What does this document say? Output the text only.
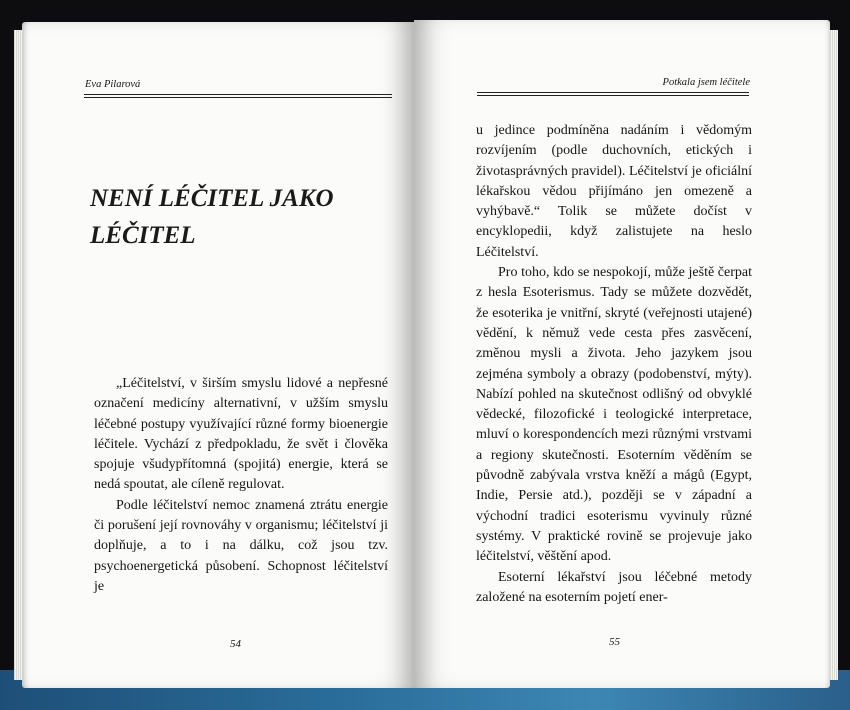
Eva Pilarová
NENÍ LÉČITEL JAKO LÉČITEL

„Léčitelství, v širším smyslu lidové a nepřesné označení medicíny alternativní, v užším smyslu léčebné postupy využívající různé formy bioenergie léčitele. Vychází z předpokladu, že svět i člověka spojuje všudypřítomná (spojitá) energie, která se nedá spoutat, ale cíleně regulovat.

Podle léčitelství nemoc znamená ztrátu energie či porušení její rovnováhy v organismu; léčitelství ji doplňuje, a to i na dálku, což jsou tzv. psychoenergetická působení. Schopnost léčitelství je

54
Potkala jsem léčitele

u jedince podmíněna nadáním i vědomým rozvíjením (podle duchovních, etických i životasprávných pravidel). Léčitelství je oficiální lékařskou vědou přijímáno jen omezeně a vyhýbavě.“ Tolik se můžete dočíst v encyklopedii, když zalistujete na heslo Léčitelství.

Pro toho, kdo se nespokojí, může ještě čerpat z hesla Esoterismus. Tady se můžete dozvědět, že esoterika je vnitřní, skryté (veřejnosti utajené) vědění, k němuž vede cesta přes zasvěcení, změnou mysli a života. Jeho jazykem jsou zejména symboly a obrazy (podobenství, mýty). Nabízí pohled na skutečnost odlišný od obvyklé vědecké, filozofické i teologické interpretace, mluví o korespondencích mezi různými vrstvami a regiony skutečnosti. Esoterním věděním se původně zabývala vrstva kněží a mágů (Egypt, Indie, Persie atd.), později se v západní a východní tradici esoterismu vyvinuly různé systémy. V praktické rovině se projevuje jako léčitelství, věštění apod.

Esoterní lékařství jsou léčebné metody založené na esoterním pojetí ener-

55
